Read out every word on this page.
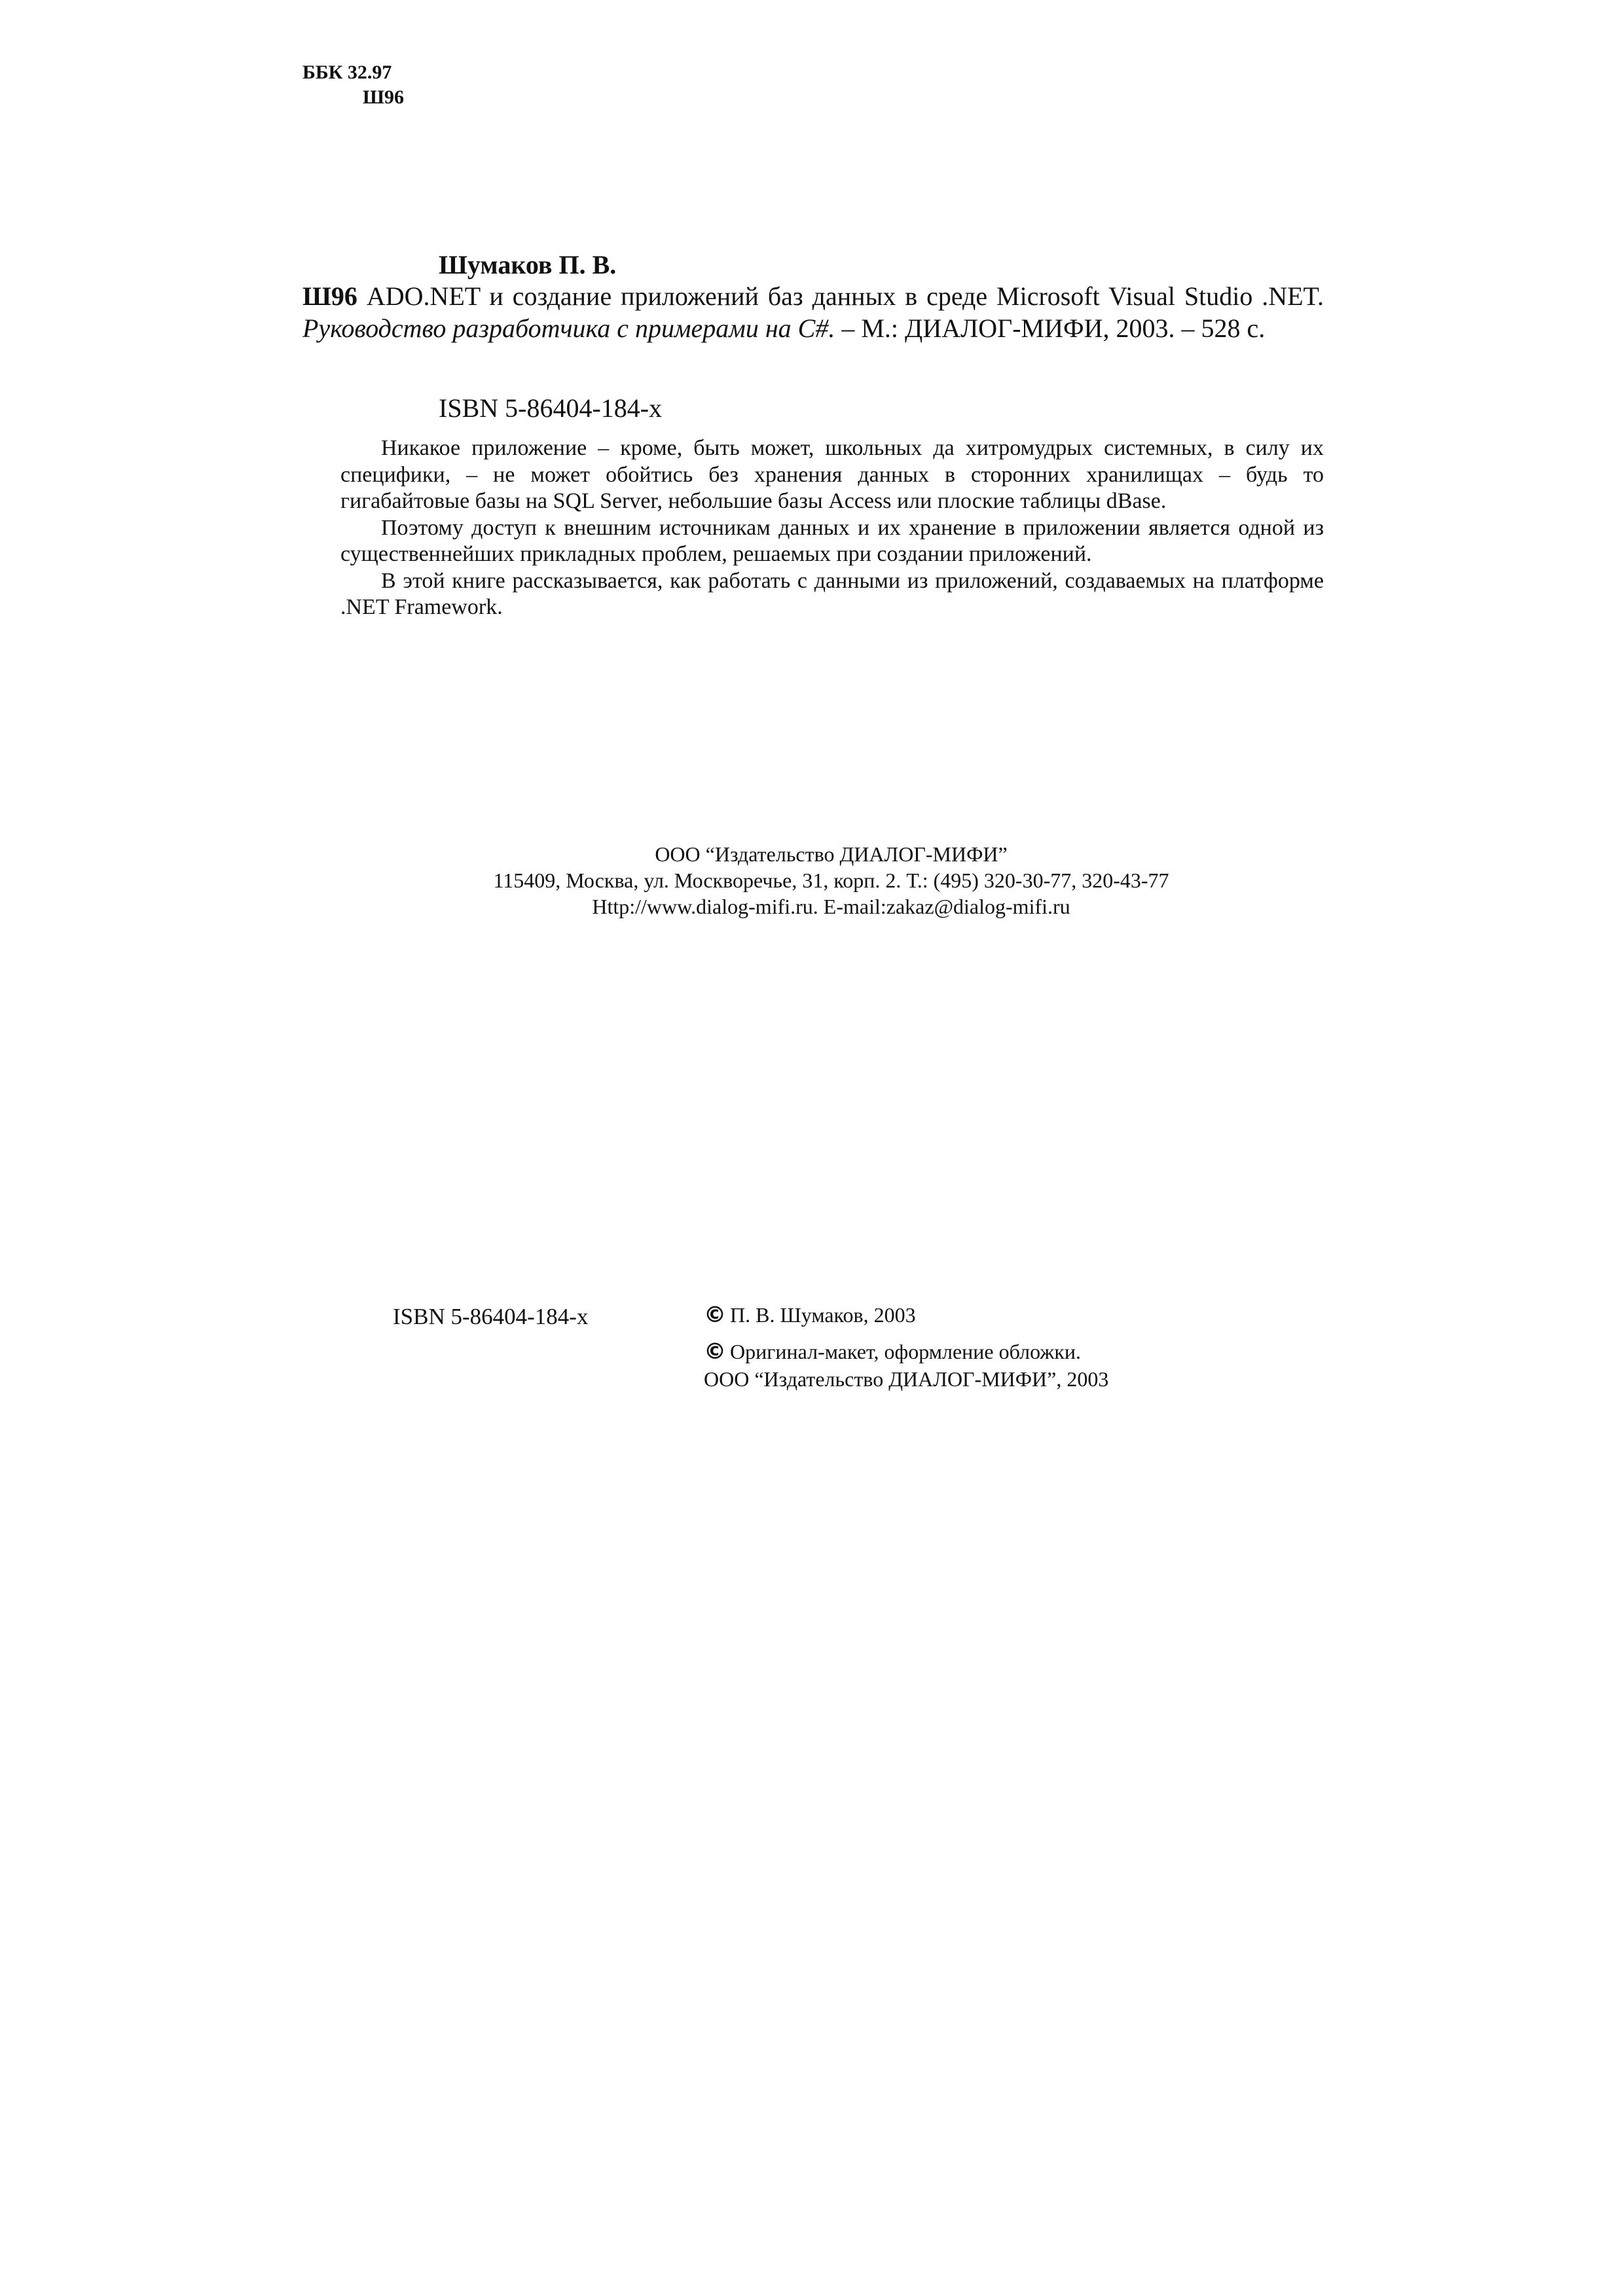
ББК 32.97
Ш96
Шумаков П. В.

Ш96 ADO.NET и создание приложений баз данных в среде Microsoft Visual Studio .NET. Руководство разработчика с примерами на C#. – М.: ДИАЛОГ-МИФИ, 2003. – 528 с.

ISBN 5-86404-184-x

Никакое приложение – кроме, быть может, школьных да хитромудрых системных, в силу их специфики, – не может обойтись без хранения данных в сторонних хранилищах – будь то гигабайтовые базы на SQL Server, небольшие базы Access или плоские таблицы dBase.

Поэтому доступ к внешним источникам данных и их хранение в приложении является одной из существеннейших прикладных проблем, решаемых при создании приложений.

В этой книге рассказывается, как работать с данными из приложений, создаваемых на платформе .NET Framework.

ООО “Издательство ДИАЛОГ-МИФИ”
115409, Москва, ул. Москворечье, 31, корп. 2. Т.: (495) 320-30-77, 320-43-77
Http://www.dialog-mifi.ru. E-mail:zakaz@dialog-mifi.ru
ISBN 5-86404-184-x	© П. В. Шумаков, 2003
© Оригинал-макет, оформление обложки.
ООО “Издательство ДИАЛОГ-МИФИ”, 2003
